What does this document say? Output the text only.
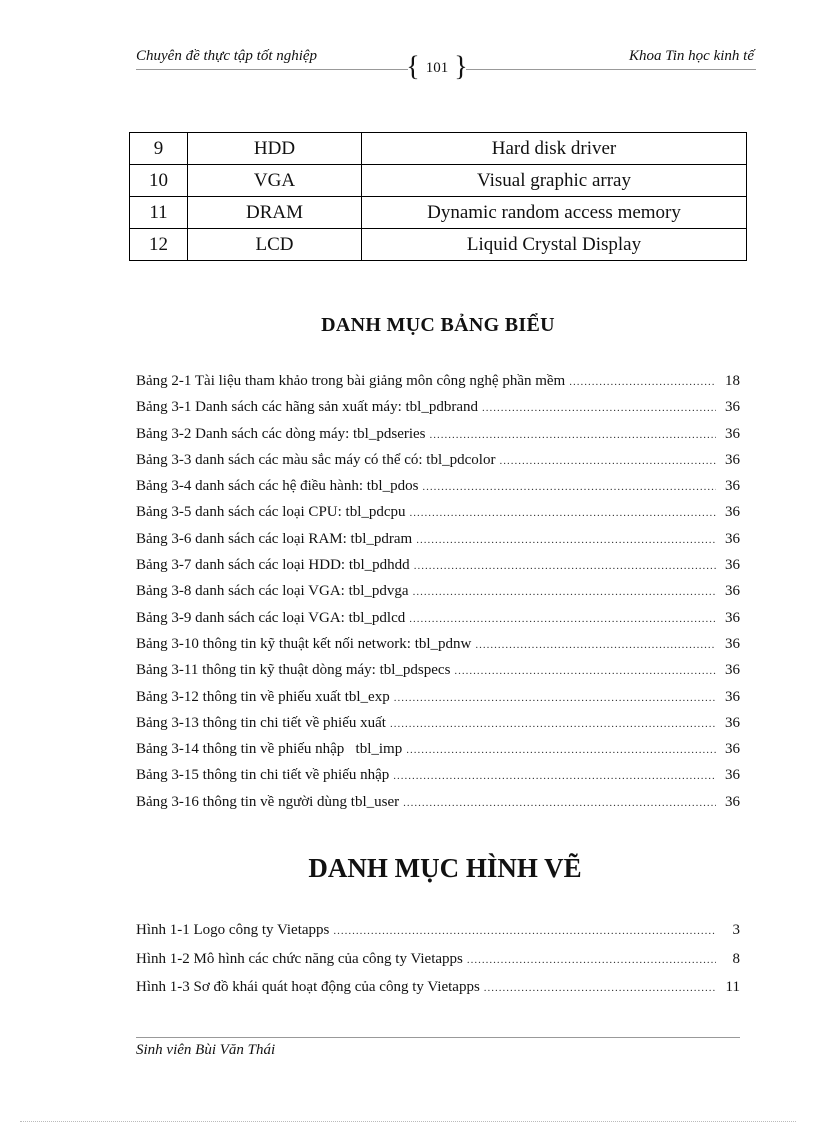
Chuyên đề thực tập tốt nghiệp	{ 101 }	Khoa Tin học kinh tế
9	HDD	Hard disk driver
10	VGA	Visual graphic array
11	DRAM	Dynamic random access memory
12	LCD	Liquid Crystal Display
DANH MỤC BẢNG BIỂU
Bảng 2-1 Tài liệu tham khảo trong bài giảng môn công nghệ phần mềm .....	18
Bảng 3-1 Danh sách các hãng sản xuất máy: tbl_pdbrand .....	36
Bảng 3-2 Danh sách các dòng máy: tbl_pdseries .....	36
Bảng 3-3 danh sách các màu sắc máy có thể có: tbl_pdcolor .....	36
Bảng 3-4 danh sách các hệ điều hành: tbl_pdos .....	36
Bảng 3-5 danh sách các loại CPU: tbl_pdcpu .....	36
Bảng 3-6 danh sách các loại RAM: tbl_pdram .....	36
Bảng 3-7 danh sách các loại HDD: tbl_pdhdd .....	36
Bảng 3-8 danh sách các loại VGA: tbl_pdvga .....	36
Bảng 3-9 danh sách các loại VGA: tbl_pdlcd .....	36
Bảng 3-10 thông tin kỹ thuật kết nối network: tbl_pdnw .....	36
Bảng 3-11 thông tin kỹ thuật dòng máy: tbl_pdspecs .....	36
Bảng 3-12 thông tin về phiếu xuất tbl_exp .....	36
Bảng 3-13 thông tin chi tiết về phiếu xuất .....	36
Bảng 3-14 thông tin về phiếu nhập   tbl_imp .....	36
Bảng 3-15 thông tin chi tiết về phiếu nhập .....	36
Bảng 3-16 thông tin về người dùng tbl_user .....	36
DANH MỤC HÌNH VẼ
Hình 1-1 Logo công ty Vietapps .....	3
Hình 1-2 Mô hình các chức năng của công ty Vietapps .....	8
Hình 1-3 Sơ đồ khái quát hoạt động của công ty Vietapps .....	11
Sinh viên Bùi Văn Thái
